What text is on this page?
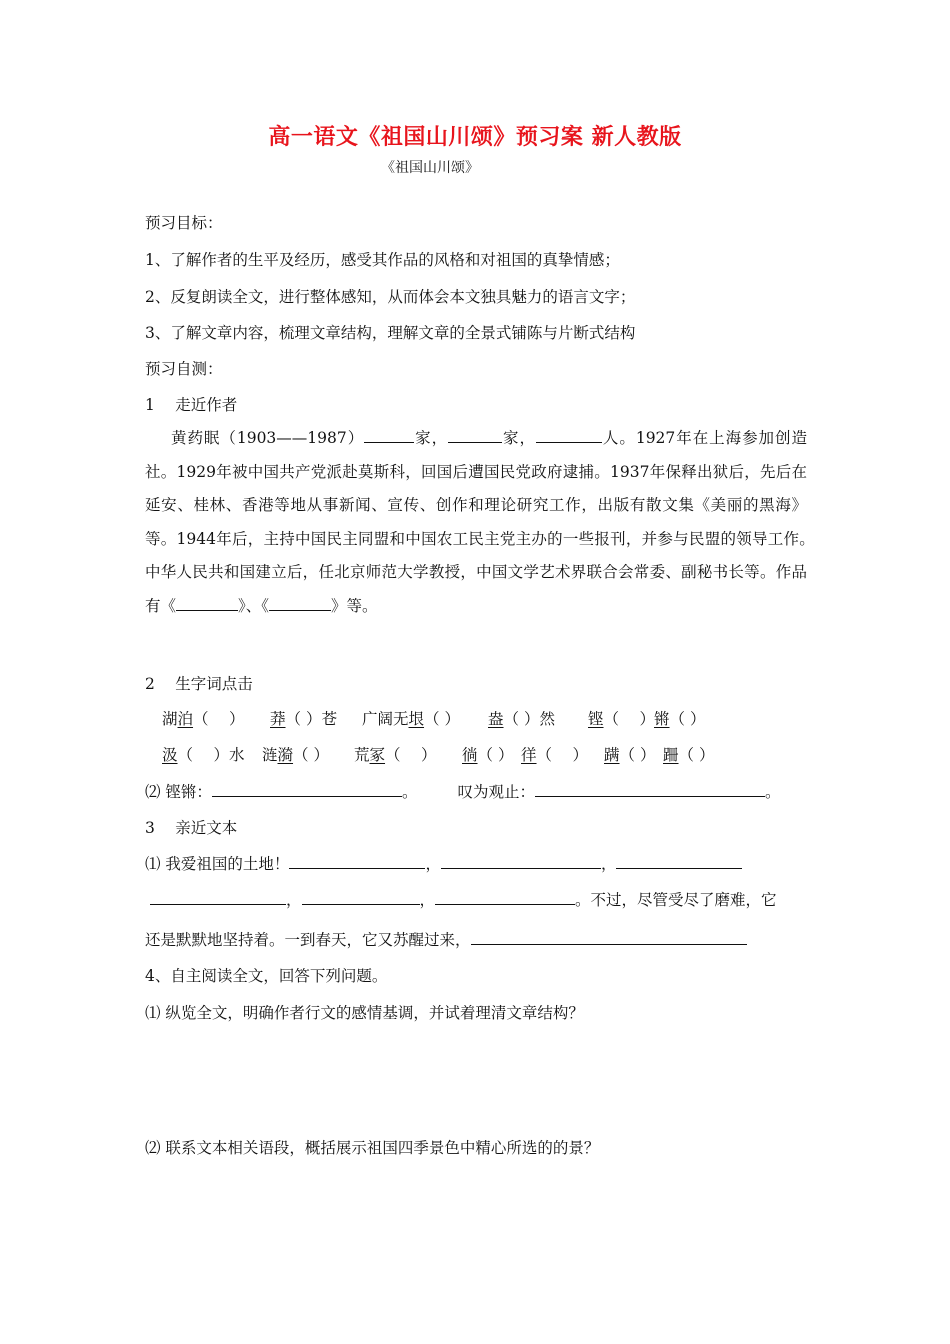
高一语文《祖国山川颂》预习案 新人教版
《祖国山川颂》
预习目标：
1、了解作者的生平及经历，感受其作品的风格和对祖国的真挚情感；
2、反复朗读全文，进行整体感知，从而体会本文独具魅力的语言文字；
3、了解文章内容，梳理文章结构，理解文章的全景式铺陈与片断式结构
预习自测：
1　 走近作者
黄药眠（1903——1987）	家，	家，	人。1927年在上海参加创造社。1929年被中国共产党派赴莫斯科，回国后遭国民党政府逮捕。1937年保释出狱后，先后在延安、桂林、香港等地从事新闻、宣传、创作和理论研究工作，出版有散文集《美丽的黑海》等。1944年后，主持中国民主同盟和中国农工民主党主办的一些报刊，并参与民盟的领导工作。　中华人民共和国建立后，任北京师范大学教授，中国文学艺术界联合会常委、副秘书长等。作品有《	》、《	》等。
2　 生字词点击
湖泊（　 ） 莽（ ）苍 广阔无垠（ ） 盎（ ）然 铿（　 ） 锵（ ）
汲（　 ）水 涟漪（ ） 荒冢（　 ） 徜（ ） 徉（　 ） 蹒（ ） 跚（ ）
⑵ 铿锵：	。	叹为观止：	。
3　 亲近文本
⑴ 我爱祖国的土地！	，	，
，	，	。不过，尽管受尽了磨难，它
还是默默地坚持着。一到春天，它又苏醒过来，
4、自主阅读全文，回答下列问题。
⑴ 纵览全文，明确作者行文的感情基调，并试着理清文章结构？
⑵ 联系文本相关语段，概括展示祖国四季景色中精心所选的的景？
